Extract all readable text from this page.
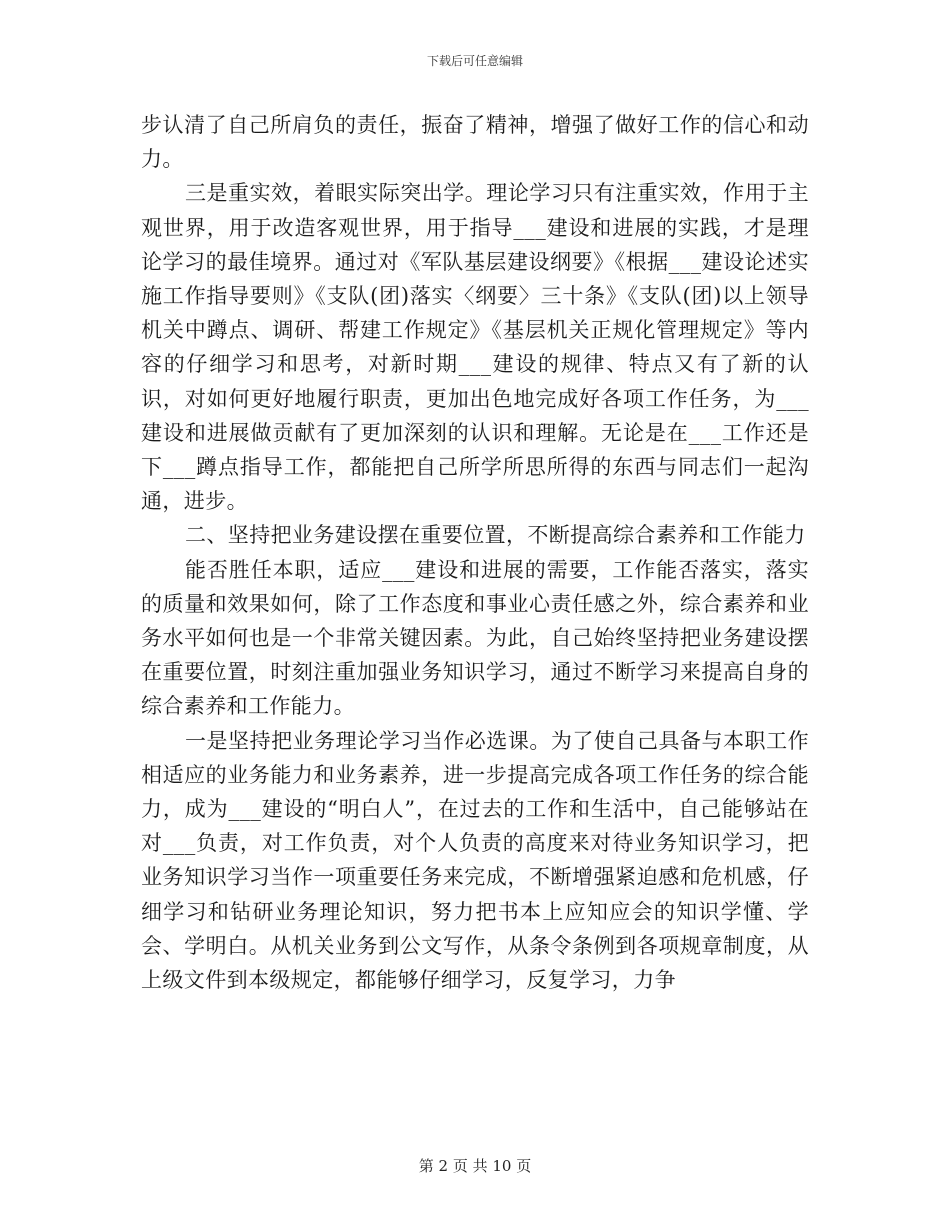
下载后可任意编辑

步认清了自己所肩负的责任，振奋了精神，增强了做好工作的信心和动力。

三是重实效，着眼实际突出学。理论学习只有注重实效，作用于主观世界，用于改造客观世界，用于指导___建设和进展的实践，才是理论学习的最佳境界。通过对《军队基层建设纲要》《根据___建设论述实施工作指导要则》《支队(团)落实〈纲要〉三十条》《支队(团)以上领导机关中蹲点、调研、帮建工作规定》《基层机关正规化管理规定》等内容的仔细学习和思考，对新时期___建设的规律、特点又有了新的认识，对如何更好地履行职责，更加出色地完成好各项工作任务，为___建设和进展做贡献有了更加深刻的认识和理解。无论是在___工作还是下___蹲点指导工作，都能把自己所学所思所得的东西与同志们一起沟通，进步。

二、坚持把业务建设摆在重要位置，不断提高综合素养和工作能力

能否胜任本职，适应___建设和进展的需要，工作能否落实，落实的质量和效果如何，除了工作态度和事业心责任感之外，综合素养和业务水平如何也是一个非常关键因素。为此，自己始终坚持把业务建设摆在重要位置，时刻注重加强业务知识学习，通过不断学习来提高自身的综合素养和工作能力。

一是坚持把业务理论学习当作必选课。为了使自己具备与本职工作相适应的业务能力和业务素养，进一步提高完成各项工作任务的综合能力，成为___建设的“明白人”，在过去的工作和生活中，自己能够站在对___负责，对工作负责，对个人负责的高度来对待业务知识学习，把业务知识学习当作一项重要任务来完成，不断增强紧迫感和危机感，仔细学习和钻研业务理论知识，努力把书本上应知应会的知识学懂、学会、学明白。从机关业务到公文写作，从条令条例到各项规章制度，从上级文件到本级规定，都能够仔细学习，反复学习，力争

第 2 页 共 10 页
